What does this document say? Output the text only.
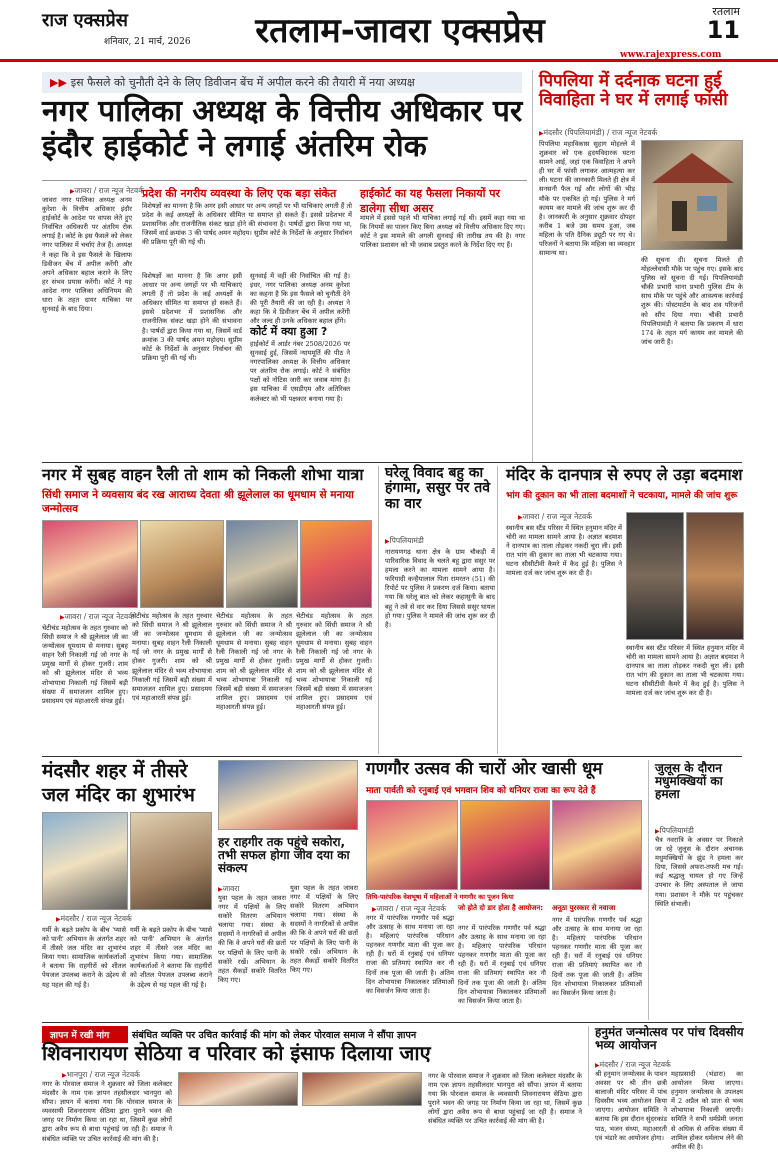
राज एक्सप्रेस
शनिवार, 21 मार्च, 2026	रतलाम-जावरा एक्सप्रेस	रतलाम
11
www.rajexpress.com
▶▶ इस फैसले को चुनौती देने के लिए डिवीजन बेंच में अपील करने की तैयारी में नया अध्यक्ष
नगर पालिका अध्यक्ष के वित्तीय अधिकार पर इंदौर हाईकोर्ट ने लगाई अंतरिम रोक
▶ जावरा / राज न्यूज नेटवर्क
जावरा नगर पालिका अध्यक्ष अनम कुरेशा के वित्तीय अधिकार इंदौर हाईकोर्ट के आदेश पर वापस लेते हुए निर्वाचित अधिकारी पर अंतरिम रोक लगाई है। कोर्ट के इस फैसले को लेकर नगर पालिका में चर्चाएं तेज हैं। अध्यक्ष ने कहा कि वे इस फैसले के खिलाफ डिवीजन बेंच में अपील करेंगी और अपने अधिकार बहाल कराने के लिए हर संभव प्रयास करेंगी। कोर्ट ने यह आदेश नगर पालिका अधिनियम की धारा के तहत दायर याचिका पर सुनवाई के बाद दिया।
प्रदेश की नगरीय व्यवस्था के लिए एक बड़ा संकेत
विशेषज्ञों का मानना है कि अगर इसी आधार पर अन्य जगहों पर भी याचिकाएं लगती हैं तो प्रदेश के कई अध्यक्षों के अधिकार सीमित या समाप्त हो सकते हैं। इससे प्रदेशभर में प्रशासनिक और राजनीतिक संकट खड़ा होने की संभावना है। पार्षदों द्वारा किया गया था, जिसमें वार्ड क्रमांक 3 की पार्षद अमन महोदय। सुप्रीम कोर्ट के निर्देशों के अनुसार निर्वाचन की प्रक्रिया पूरी की गई थी।
विशेषज्ञों का मानना है कि अगर इसी आधार पर अन्य जगहों पर भी याचिकाएं लगती हैं तो प्रदेश के कई अध्यक्षों के अधिकार सीमित या समाप्त हो सकते हैं। इससे प्रदेशभर में प्रशासनिक और राजनीतिक संकट खड़ा होने की संभावना है। पार्षदों द्वारा किया गया था, जिसमें वार्ड क्रमांक 3 की पार्षद अमन महोदय। सुप्रीम कोर्ट के निर्देशों के अनुसार निर्वाचन की प्रक्रिया पूरी की गई थी।
सुनवाई में वहीं की निर्वाचित की गई है। इधर, नगर पालिका अध्यक्ष अनम कुरेशा का कहना है कि इस फैसले को चुनौती देने की पूरी तैयारी की जा रही है। अध्यक्ष ने कहा कि वे डिवीजन बेंच में अपील करेंगी और जल्द ही उनके अधिकार बहाल होंगे।
कोर्ट में क्या हुआ ?
हाईकोर्ट में आर्डर नंबर 2508/2026 पर सुनवाई हुई, जिसमें न्यायमूर्ति की पीठ ने नगरपालिका अध्यक्ष के वित्तीय अधिकार पर अंतरिम रोक लगाई। कोर्ट ने संबंधित पक्षों को नोटिस जारी कर जवाब मांगा है। इस याचिका में एसडीएम और अतिरिक्त कलेक्टर को भी पक्षकार बनाया गया है।
हाईकोर्ट का यह फैसला निकायों पर डालेगा सीधा असर
मामले में इससे पहले भी याचिका लगाई गई थी। इसमें कहा गया था कि नियमों का पालन किए बिना अध्यक्ष को वित्तीय अधिकार दिए गए। कोर्ट ने इस मामले की अगली सुनवाई की तारीख तय की है। नगर पालिका प्रशासन को भी जवाब प्रस्तुत करने के निर्देश दिए गए हैं।
पिपलिया में दर्दनाक घटना हुई विवाहिता ने घर में लगाई फांसी
▶ मंदसौर (पिपलियामंडी) / राज न्यूज नेटवर्क
पिपलिया महाविकास सुहाग मोहल्ले में शुक्रवार को एक हृदयविदारक घटना सामने आई, जहां एक विवाहिता ने अपने ही घर में फांसी लगाकर आत्महत्या कर ली। घटना की जानकारी मिलते ही क्षेत्र में सनसनी फैल गई और लोगों की भीड़ मौके पर एकत्रित हो गई। पुलिस ने मर्ग कायम कर मामले की जांच शुरू कर दी है। जानकारी के अनुसार शुक्रवार दोपहर करीब 1 बजे उस समय हुआ, जब महिला के पति दैनिक ड्यूटी पर गए थे। परिजनों ने बताया कि महिला का व्यवहार सामान्य था।
की सूचना दी। सूचना मिलते ही मोहल्लेवासी मौके पर पहुंच गए। इसके बाद पुलिस को सूचना दी गई। पिपलियामंडी चौकी प्रभारी थाना प्रभारी पुलिस टीम के साथ मौके पर पहुंचे और आवश्यक कार्रवाई शुरू की। पोस्टमार्टम के बाद शव परिजनों को सौंप दिया गया। चौकी प्रभारी पिपलियामंडी ने बताया कि प्रकरण में धारा 174 के तहत मर्ग कायम कर मामले की जांच जारी है।
नगर में सुबह वाहन रैली तो शाम को निकली शोभा यात्रा
सिंधी समाज ने व्यवसाय बंद रख आराध्य देवता श्री झूलेलाल का धूमधाम से मनाया जन्मोत्सव
▶ जावरा / राज न्यूज नेटवर्क
चेटीचंड महोत्सव के तहत गुरुवार को सिंधी समाज ने श्री झूलेलाल जी का जन्मोत्सव धूमधाम से मनाया। सुबह वाहन रैली निकाली गई जो नगर के प्रमुख मार्गों से होकर गुजरी। शाम को श्री झूलेलाल मंदिर से भव्य शोभायात्रा निकाली गई जिसमें बड़ी संख्या में समाजजन शामिल हुए। प्रसादमय एवं महाआरती संपन्न हुई।
चेटीचंड महोत्सव के तहत गुरुवार को सिंधी समाज ने श्री झूलेलाल जी का जन्मोत्सव धूमधाम से मनाया। सुबह वाहन रैली निकाली गई जो नगर के प्रमुख मार्गों से होकर गुजरी। शाम को श्री झूलेलाल मंदिर से भव्य शोभायात्रा निकाली गई जिसमें बड़ी संख्या में समाजजन शामिल हुए। प्रसादमय एवं महाआरती संपन्न हुई।
चेटीचंड महोत्सव के तहत गुरुवार को सिंधी समाज ने श्री झूलेलाल जी का जन्मोत्सव धूमधाम से मनाया। सुबह वाहन रैली निकाली गई जो नगर के प्रमुख मार्गों से होकर गुजरी। शाम को श्री झूलेलाल मंदिर से भव्य शोभायात्रा निकाली गई जिसमें बड़ी संख्या में समाजजन शामिल हुए। प्रसादमय एवं महाआरती संपन्न हुई।
चेटीचंड महोत्सव के तहत गुरुवार को सिंधी समाज ने श्री झूलेलाल जी का जन्मोत्सव धूमधाम से मनाया। सुबह वाहन रैली निकाली गई जो नगर के प्रमुख मार्गों से होकर गुजरी। शाम को श्री झूलेलाल मंदिर से भव्य शोभायात्रा निकाली गई जिसमें बड़ी संख्या में समाजजन शामिल हुए। प्रसादमय एवं महाआरती संपन्न हुई।
घरेलू विवाद बहु का हंगामा, ससुर पर तवे का वार
▶ पिपलियामंडी
नारायणगढ़ थाना क्षेत्र के ग्राम चौकड़ी में पारिवारिक विवाद के चलते बहू द्वारा ससुर पर हमला करने का मामला सामने आया है। फरियादी कन्हैयालाल पिता रामरतन (51) की रिपोर्ट पर पुलिस ने प्रकरण दर्ज किया। बताया गया कि घरेलू बात को लेकर कहासुनी के बाद बहू ने तवे से वार कर दिया जिससे ससुर घायल हो गया। पुलिस ने मामले की जांच शुरू कर दी है।
मंदिर के दानपात्र से रुपए ले उड़ा बदमाश
भांग की दुकान का भी ताला बदमाशों ने चटकाया, मामले की जांच शुरू
▶ जावरा / राज न्यूज नेटवर्क
स्थानीय बस स्टैंड परिसर में स्थित हनुमान मंदिर में चोरी का मामला सामने आया है। अज्ञात बदमाश ने दानपात्र का ताला तोड़कर नकदी चुरा ली। इसी रात भांग की दुकान का ताला भी चटकाया गया। घटना सीसीटीवी कैमरे में कैद हुई है। पुलिस ने मामला दर्ज कर जांच शुरू कर दी है।
स्थानीय बस स्टैंड परिसर में स्थित हनुमान मंदिर में चोरी का मामला सामने आया है। अज्ञात बदमाश ने दानपात्र का ताला तोड़कर नकदी चुरा ली। इसी रात भांग की दुकान का ताला भी चटकाया गया। घटना सीसीटीवी कैमरे में कैद हुई है। पुलिस ने मामला दर्ज कर जांच शुरू कर दी है।
मंदसौर शहर में तीसरे जल मंदिर का शुभारंभ
▶ मंदसौर / राज न्यूज नेटवर्क
गर्मी के बढ़ते प्रकोप के बीच 'प्यासे को पानी' अभियान के अंतर्गत शहर में तीसरे जल मंदिर का शुभारंभ किया गया। सामाजिक कार्यकर्ताओं ने बताया कि राहगीरों को शीतल पेयजल उपलब्ध कराने के उद्देश्य से यह पहल की गई है।
गर्मी के बढ़ते प्रकोप के बीच 'प्यासे को पानी' अभियान के अंतर्गत शहर में तीसरे जल मंदिर का शुभारंभ किया गया। सामाजिक कार्यकर्ताओं ने बताया कि राहगीरों को शीतल पेयजल उपलब्ध कराने के उद्देश्य से यह पहल की गई है।
हर राहगीर तक पहुंचे सकोरा, तभी सफल होगा जीव दया का संकल्प
▶ जावरा
युवा पहल के तहत जावरा नगर में पक्षियों के लिए सकोरे वितरण अभियान चलाया गया। संस्था के सदस्यों ने नागरिकों से अपील की कि वे अपने घरों की छतों पर पक्षियों के लिए पानी के सकोरे रखें। अभियान के तहत सैकड़ों सकोरे वितरित किए गए।
युवा पहल के तहत जावरा नगर में पक्षियों के लिए सकोरे वितरण अभियान चलाया गया। संस्था के सदस्यों ने नागरिकों से अपील की कि वे अपने घरों की छतों पर पक्षियों के लिए पानी के सकोरे रखें। अभियान के तहत सैकड़ों सकोरे वितरित किए गए।
गणगौर उत्सव की चारों ओर खासी धूम
माता पार्वती को रनुबाई एवं भगवान शिव को धनियर राजा का रूप देते हैं
तिथि-पारंपरिक वेशभूषा में महिलाओं ने गणगौर का पूजन किया
▶ जावरा / राज न्यूज नेटवर्क
नगर में पारंपरिक गणगौर पर्व श्रद्धा और उत्साह के साथ मनाया जा रहा है। महिलाएं पारंपरिक परिधान पहनकर गणगौर माता की पूजा कर रही हैं। घरों में रनुबाई एवं धनियर राजा की प्रतिमाएं स्थापित कर नौ दिनों तक पूजा की जाती है। अंतिम दिन शोभायात्रा निकालकर प्रतिमाओं का विसर्जन किया जाता है।
जो होते दो डार होता है आयोजन:
नगर में पारंपरिक गणगौर पर्व श्रद्धा और उत्साह के साथ मनाया जा रहा है। महिलाएं पारंपरिक परिधान पहनकर गणगौर माता की पूजा कर रही हैं। घरों में रनुबाई एवं धनियर राजा की प्रतिमाएं स्थापित कर नौ दिनों तक पूजा की जाती है। अंतिम दिन शोभायात्रा निकालकर प्रतिमाओं का विसर्जन किया जाता है।
अनूठा पुरस्कार से नवाजा
नगर में पारंपरिक गणगौर पर्व श्रद्धा और उत्साह के साथ मनाया जा रहा है। महिलाएं पारंपरिक परिधान पहनकर गणगौर माता की पूजा कर रही हैं। घरों में रनुबाई एवं धनियर राजा की प्रतिमाएं स्थापित कर नौ दिनों तक पूजा की जाती है। अंतिम दिन शोभायात्रा निकालकर प्रतिमाओं का विसर्जन किया जाता है।
जुलूस के दौरान मधुमक्खियों का हमला
▶ पिपलियामंडी
चैत्र नवरात्रि के अवसर पर निकाले जा रहे जुलूस के दौरान अचानक मधुमक्खियों के झुंड ने हमला कर दिया, जिससे अफरा-तफरी मच गई। कई श्रद्धालु घायल हो गए जिन्हें उपचार के लिए अस्पताल ले जाया गया। प्रशासन ने मौके पर पहुंचकर स्थिति संभाली।
ज्ञापन में रखी मांग	संबंधित व्यक्ति पर उचित कार्रवाई की मांग को लेकर पोरवाल समाज ने सौंपा ज्ञापन
शिवनारायण सेठिया व परिवार को इंसाफ दिलाया जाए
▶ भानपुरा / राज न्यूज नेटवर्क
नगर के पोरवाल समाज ने शुक्रवार को जिला कलेक्टर मंदसौर के नाम एक ज्ञापन तहसीलदार भानपुरा को सौंपा। ज्ञापन में बताया गया कि पोरवाल समाज के व्यवसायी शिवनारायण सेठिया द्वारा पुराने भवन की जगह पर निर्माण किया जा रहा था, जिसमें कुछ लोगों द्वारा अवैध रूप से बाधा पहुंचाई जा रही है। समाज ने संबंधित व्यक्ति पर उचित कार्रवाई की मांग की है।
नगर के पोरवाल समाज ने शुक्रवार को जिला कलेक्टर मंदसौर के नाम एक ज्ञापन तहसीलदार भानपुरा को सौंपा। ज्ञापन में बताया गया कि पोरवाल समाज के व्यवसायी शिवनारायण सेठिया द्वारा पुराने भवन की जगह पर निर्माण किया जा रहा था, जिसमें कुछ लोगों द्वारा अवैध रूप से बाधा पहुंचाई जा रही है। समाज ने संबंधित व्यक्ति पर उचित कार्रवाई की मांग की है।
हनुमंत जन्मोत्सव पर पांच दिवसीय भव्य आयोजन
▶ मंदसौर / राज न्यूज नेटवर्क
श्री हनुमान जन्मोत्सव के पावन अवसर पर श्री तीन छत्री बालाजी मंदिर परिसर में पांच दिवसीय भव्य आयोजन किया जाएगा। आयोजन समिति ने बताया कि इस दौरान सुंदरकांड पाठ, भजन संध्या, महाआरती एवं भंडारे का आयोजन होगा।
महाप्रसादी (भंडारा) का आयोजन किया जाएगा। हनुमान जन्मोत्सव के उपलक्ष्य में 2 अप्रैल को प्रातः से भव्य शोभायात्रा निकाली जाएगी। समिति ने सभी धर्मप्रेमी जनता से अधिक से अधिक संख्या में शामिल होकर धर्मलाभ लेने की अपील की है।
